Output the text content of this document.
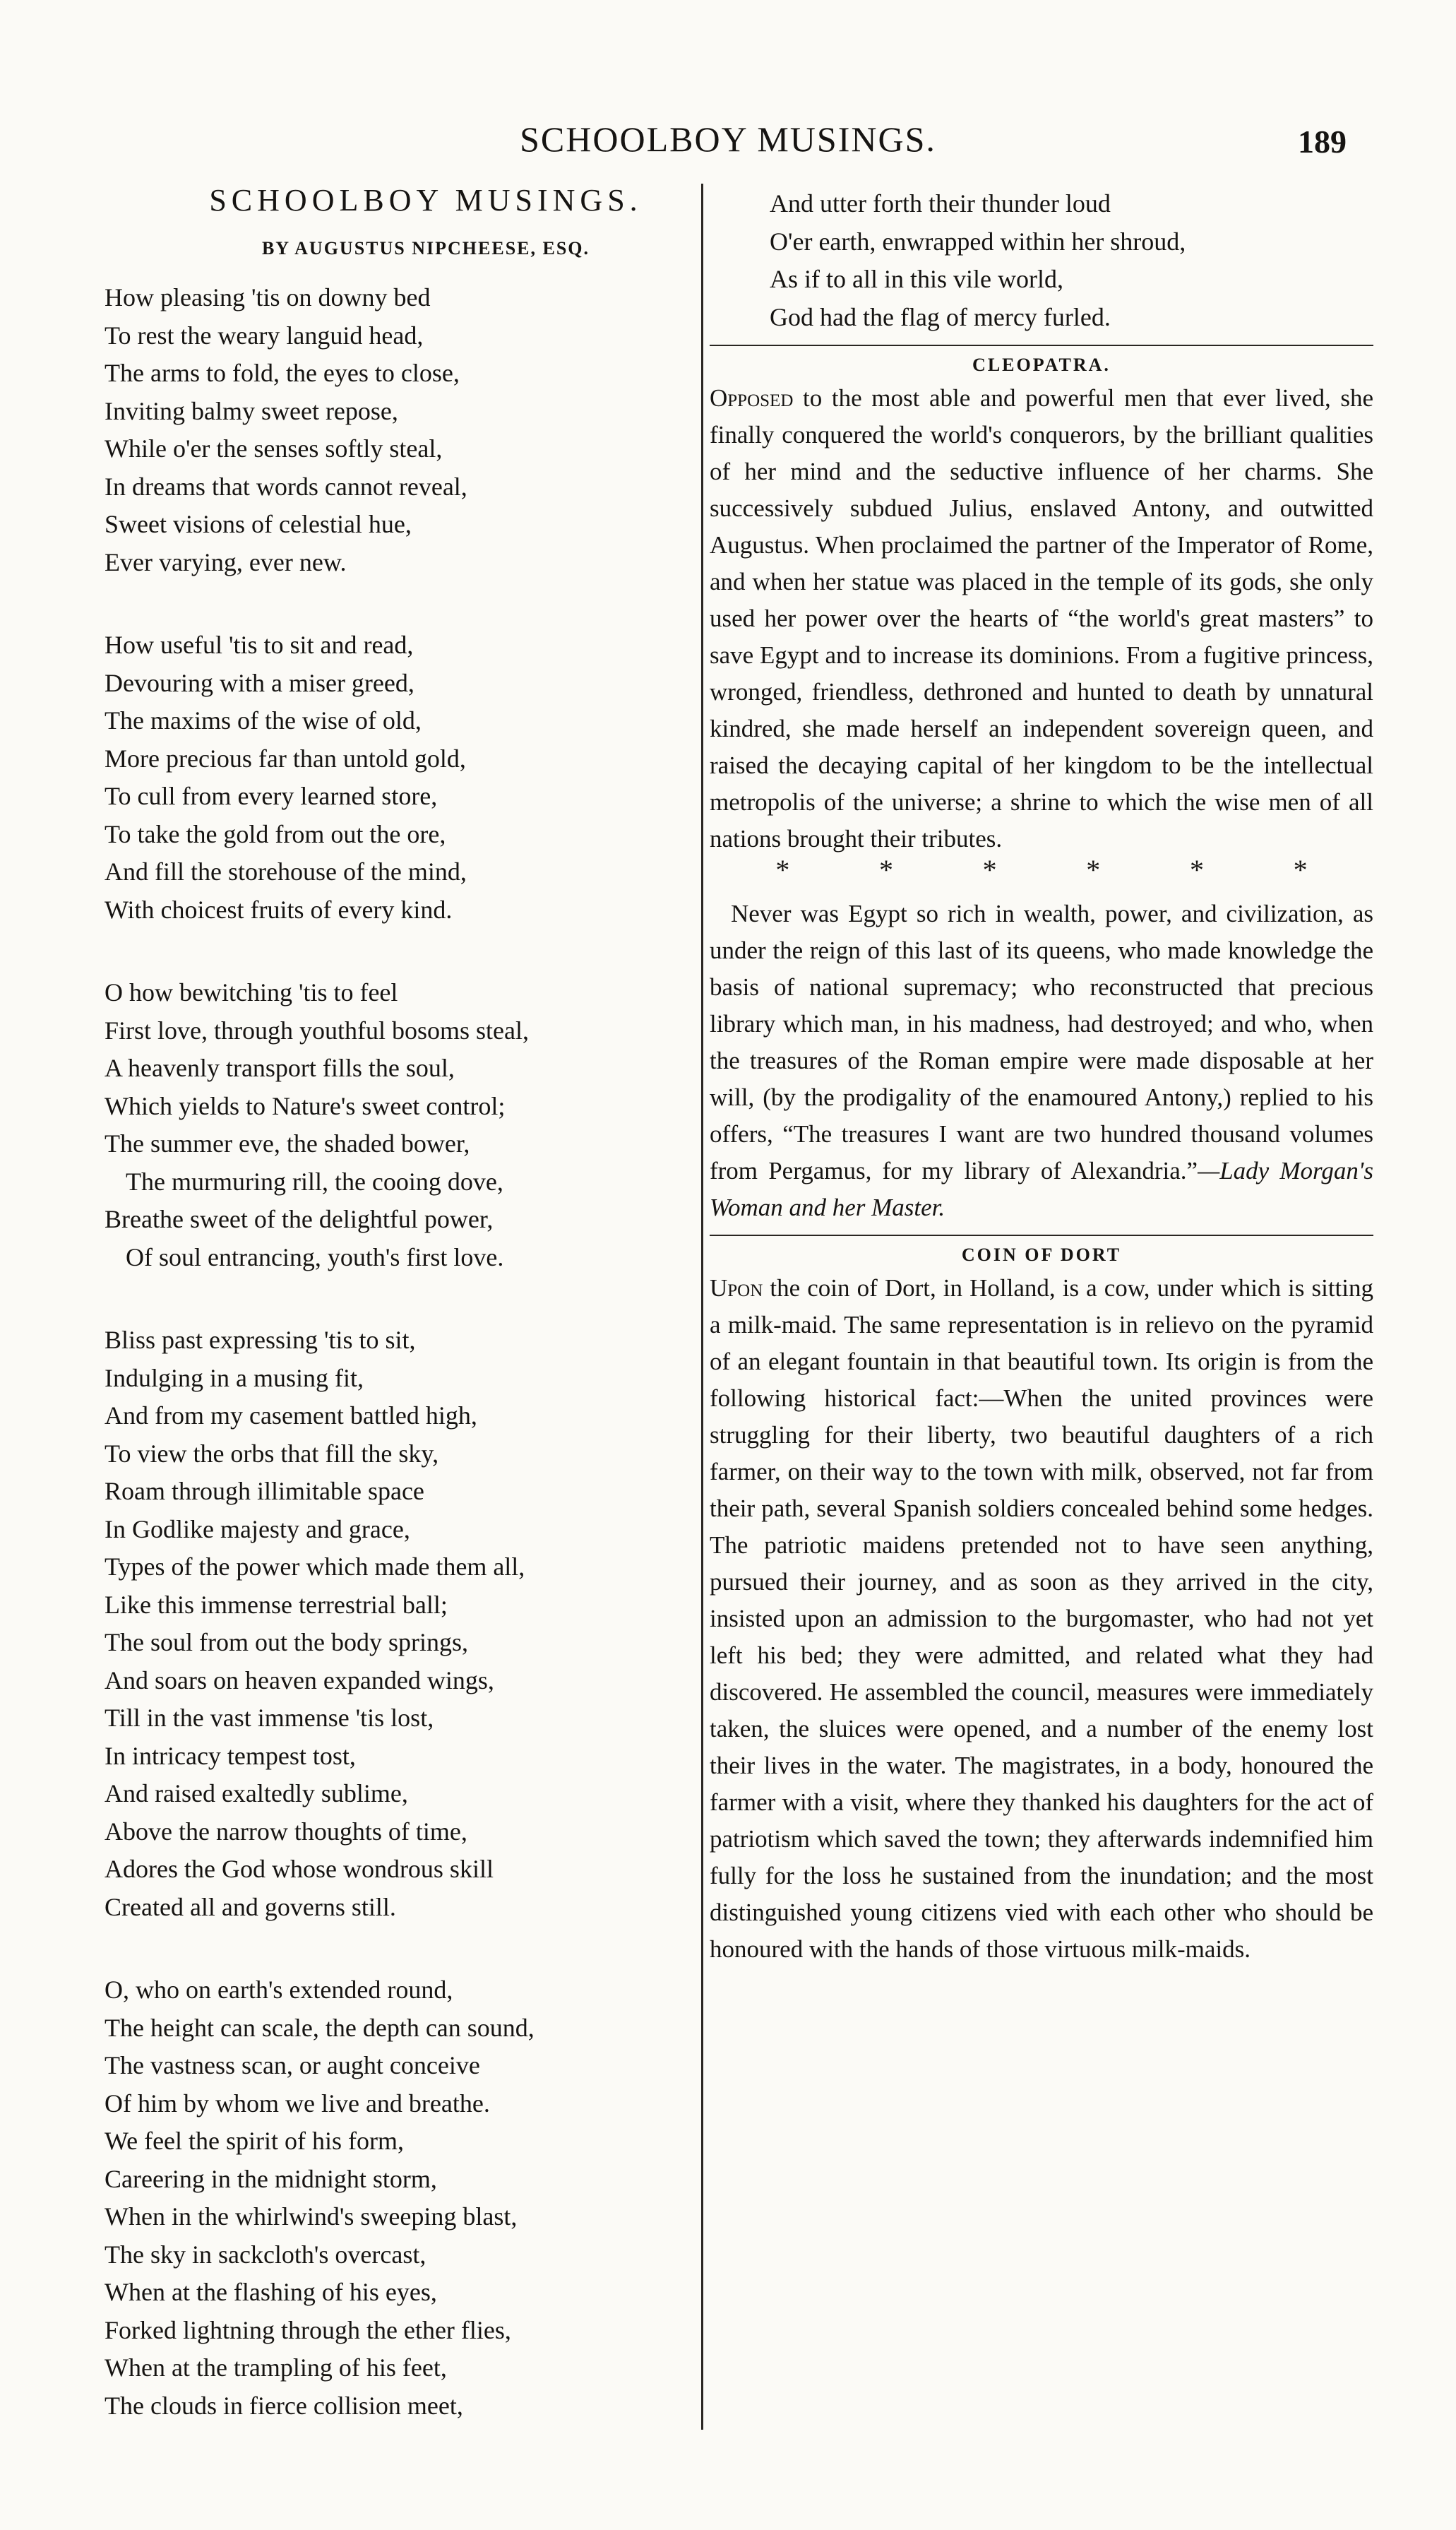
SCHOOLBOY MUSINGS.	189
SCHOOLBOY MUSINGS.
BY AUGUSTUS NIPCHEESE, ESQ.
How pleasing 'tis on downy bed
To rest the weary languid head,
The arms to fold, the eyes to close,
Inviting balmy sweet repose,
While o'er the senses softly steal,
In dreams that words cannot reveal,
Sweet visions of celestial hue,
Ever varying, ever new.
How useful 'tis to sit and read,
Devouring with a miser greed,
The maxims of the wise of old,
More precious far than untold gold,
To cull from every learned store,
To take the gold from out the ore,
And fill the storehouse of the mind,
With choicest fruits of every kind.
O how bewitching 'tis to feel
First love, through youthful bosoms steal,
A heavenly transport fills the soul,
Which yields to Nature's sweet control;
The summer eve, the shaded bower,
The murmuring rill, the cooing dove,
Breathe sweet of the delightful power,
Of soul entrancing, youth's first love.
Bliss past expressing 'tis to sit,
Indulging in a musing fit,
And from my casement battled high,
To view the orbs that fill the sky,
Roam through illimitable space
In Godlike majesty and grace,
Types of the power which made them all,
Like this immense terrestrial ball;
The soul from out the body springs,
And soars on heaven expanded wings,
Till in the vast immense 'tis lost,
In intricacy tempest tost,
And raised exaltedly sublime,
Above the narrow thoughts of time,
Adores the God whose wondrous skill
Created all and governs still.
O, who on earth's extended round,
The height can scale, the depth can sound,
The vastness scan, or aught conceive
Of him by whom we live and breathe.
We feel the spirit of his form,
Careering in the midnight storm,
When in the whirlwind's sweeping blast,
The sky in sackcloth's overcast,
When at the flashing of his eyes,
Forked lightning through the ether flies,
When at the trampling of his feet,
The clouds in fierce collision meet,
And utter forth their thunder loud
O'er earth, enwrapped within her shroud,
As if to all in this vile world,
God had the flag of mercy furled.
CLEOPATRA.

Opposed to the most able and powerful men that ever lived, she finally conquered the world's conquerors, by the brilliant qualities of her mind and the seductive influence of her charms. She successively subdued Julius, enslaved Antony, and outwitted Augustus. When proclaimed the partner of the Imperator of Rome, and when her statue was placed in the temple of its gods, she only used her power over the hearts of “the world's great masters” to save Egypt and to increase its dominions. From a fugitive princess, wronged, friendless, dethroned and hunted to death by unnatural kindred, she made herself an independent sovereign queen, and raised the decaying capital of her kingdom to be the intellectual metropolis of the universe; a shrine to which the wise men of all nations brought their tributes.

*	*	*	*	*	*

Never was Egypt so rich in wealth, power, and civilization, as under the reign of this last of its queens, who made knowledge the basis of national supremacy; who reconstructed that precious library which man, in his madness, had destroyed; and who, when the treasures of the Roman empire were made disposable at her will, (by the prodigality of the enamoured Antony,) replied to his offers, “The treasures I want are two hundred thousand volumes from Pergamus, for my library of Alexandria.”—Lady Morgan's Woman and her Master.

COIN OF DORT

Upon the coin of Dort, in Holland, is a cow, under which is sitting a milk-maid. The same representation is in relievo on the pyramid of an elegant fountain in that beautiful town. Its origin is from the following historical fact:—When the united provinces were struggling for their liberty, two beautiful daughters of a rich farmer, on their way to the town with milk, observed, not far from their path, several Spanish soldiers concealed behind some hedges. The patriotic maidens pretended not to have seen anything, pursued their journey, and as soon as they arrived in the city, insisted upon an admission to the burgomaster, who had not yet left his bed; they were admitted, and related what they had discovered. He assembled the council, measures were immediately taken, the sluices were opened, and a number of the enemy lost their lives in the water. The magistrates, in a body, honoured the farmer with a visit, where they thanked his daughters for the act of patriotism which saved the town; they afterwards indemnified him fully for the loss he sustained from the inundation; and the most distinguished young citizens vied with each other who should be honoured with the hands of those virtuous milk-maids.
